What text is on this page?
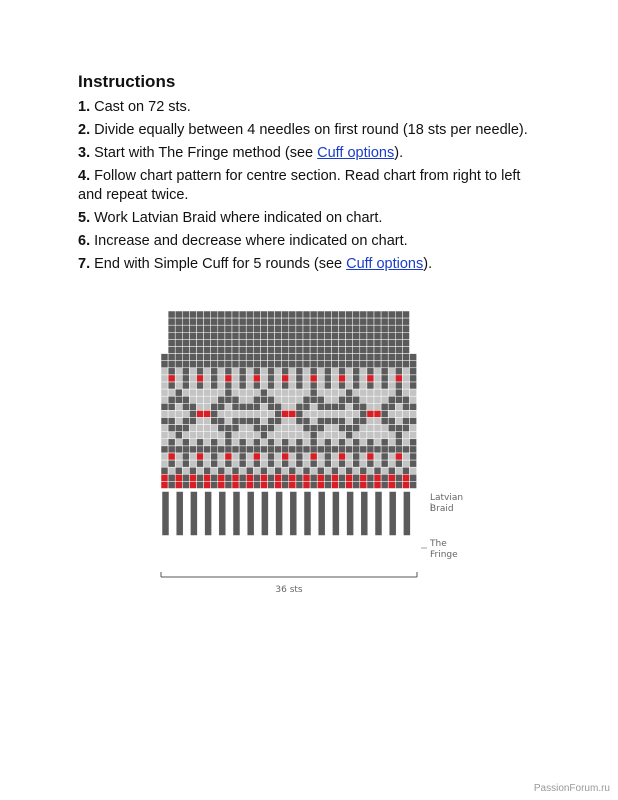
Instructions
1. Cast on 72 sts.
2. Divide equally between 4 needles on first round (18 sts per needle).
3. Start with The Fringe method (see Cuff options).
4. Follow chart pattern for centre section. Read chart from right to left and repeat twice.
5. Work Latvian Braid where indicated on chart.
6. Increase and decrease where indicated on chart.
7. End with Simple Cuff for 5 rounds (see Cuff options).
Latvian
Braid
The
Fringe
36 sts
PassionForum.ru
